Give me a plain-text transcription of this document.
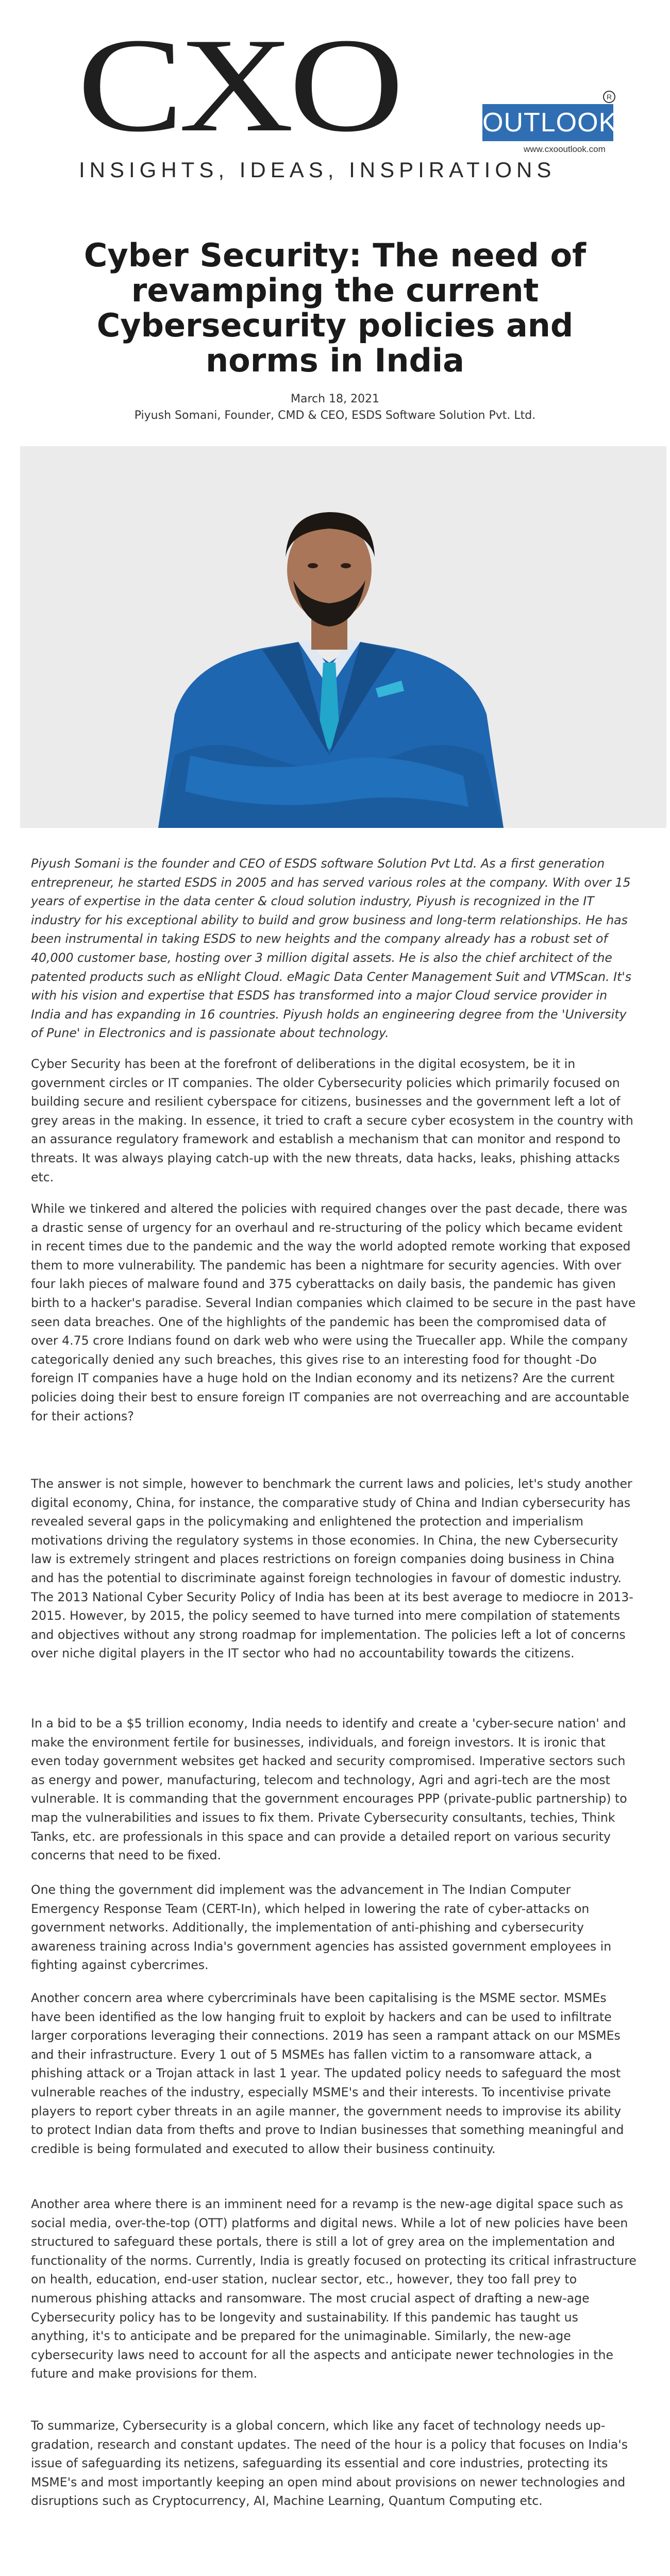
CXO	R
OUTLOOK
www.cxooutlook.com
INSIGHTS, IDEAS, INSPIRATIONS
Cyber Security: The need of revamping the current Cybersecurity policies and norms in India
March 18, 2021
Piyush Somani, Founder, CMD & CEO, ESDS Software Solution Pvt. Ltd.

Piyush Somani is the founder and CEO of ESDS software Solution Pvt Ltd. As a first generation entrepreneur, he started ESDS in 2005 and has served various roles at the company. With over 15 years of expertise in the data center & cloud solution industry, Piyush is recognized in the IT industry for his exceptional ability to build and grow business and long-term relationships. He has been instrumental in taking ESDS to new heights and the company already has a robust set of 40,000 customer base, hosting over 3 million digital assets. He is also the chief architect of the patented products such as eNlight Cloud. eMagic Data Center Management Suit and VTMScan. It's with his vision and expertise that ESDS has transformed into a major Cloud service provider in India and has expanding in 16 countries. Piyush holds an engineering degree from the 'University of Pune' in Electronics and is passionate about technology.

Cyber Security has been at the forefront of deliberations in the digital ecosystem, be it in government circles or IT companies. The older Cybersecurity policies which primarily focused on building secure and resilient cyberspace for citizens, businesses and the government left a lot of grey areas in the making. In essence, it tried to craft a secure cyber ecosystem in the country with an assurance regulatory framework and establish a mechanism that can monitor and respond to threats. It was always playing catch-up with the new threats, data hacks, leaks, phishing attacks etc.

While we tinkered and altered the policies with required changes over the past decade, there was a drastic sense of urgency for an overhaul and re-structuring of the policy which became evident in recent times due to the pandemic and the way the world adopted remote working that exposed them to more vulnerability. The pandemic has been a nightmare for security agencies. With over four lakh pieces of malware found and 375 cyberattacks on daily basis, the pandemic has given birth to a hacker's paradise. Several Indian companies which claimed to be secure in the past have seen data breaches. One of the highlights of the pandemic has been the compromised data of over 4.75 crore Indians found on dark web who were using the Truecaller app. While the company categorically denied any such breaches, this gives rise to an interesting food for thought -Do foreign IT companies have a huge hold on the Indian economy and its netizens? Are the current policies doing their best to ensure foreign IT companies are not overreaching and are accountable for their actions?

The answer is not simple, however to benchmark the current laws and policies, let's study another digital economy, China, for instance, the comparative study of China and Indian cybersecurity has revealed several gaps in the policymaking and enlightened the protection and imperialism motivations driving the regulatory systems in those economies. In China, the new Cybersecurity law is extremely stringent and places restrictions on foreign companies doing business in China and has the potential to discriminate against foreign technologies in favour of domestic industry. The 2013 National Cyber Security Policy of India has been at its best average to mediocre in 2013-2015. However, by 2015, the policy seemed to have turned into mere compilation of statements and objectives without any strong roadmap for implementation. The policies left a lot of concerns over niche digital players in the IT sector who had no accountability towards the citizens.

In a bid to be a $5 trillion economy, India needs to identify and create a 'cyber-secure nation' and make the environment fertile for businesses, individuals, and foreign investors. It is ironic that even today government websites get hacked and security compromised. Imperative sectors such as energy and power, manufacturing, telecom and technology, Agri and agri-tech are the most vulnerable. It is commanding that the government encourages PPP (private-public partnership) to map the vulnerabilities and issues to fix them. Private Cybersecurity consultants, techies, Think Tanks, etc. are professionals in this space and can provide a detailed report on various security concerns that need to be fixed.

One thing the government did implement was the advancement in The Indian Computer Emergency Response Team (CERT-In), which helped in lowering the rate of cyber-attacks on government networks. Additionally, the implementation of anti-phishing and cybersecurity awareness training across India's government agencies has assisted government employees in fighting against cybercrimes.

Another concern area where cybercriminals have been capitalising is the MSME sector. MSMEs have been identified as the low hanging fruit to exploit by hackers and can be used to infiltrate larger corporations leveraging their connections. 2019 has seen a rampant attack on our MSMEs and their infrastructure. Every 1 out of 5 MSMEs has fallen victim to a ransomware attack, a phishing attack or a Trojan attack in last 1 year. The updated policy needs to safeguard the most vulnerable reaches of the industry, especially MSME's and their interests. To incentivise private players to report cyber threats in an agile manner, the government needs to improvise its ability to protect Indian data from thefts and prove to Indian businesses that something meaningful and credible is being formulated and executed to allow their business continuity.

Another area where there is an imminent need for a revamp is the new-age digital space such as social media, over-the-top (OTT) platforms and digital news. While a lot of new policies have been structured to safeguard these portals, there is still a lot of grey area on the implementation and functionality of the norms. Currently, India is greatly focused on protecting its critical infrastructure on health, education, end-user station, nuclear sector, etc., however, they too fall prey to numerous phishing attacks and ransomware. The most crucial aspect of drafting a new-age Cybersecurity policy has to be longevity and sustainability. If this pandemic has taught us anything, it's to anticipate and be prepared for the unimaginable. Similarly, the new-age cybersecurity laws need to account for all the aspects and anticipate newer technologies in the future and make provisions for them.

To summarize, Cybersecurity is a global concern, which like any facet of technology needs up-gradation, research and constant updates. The need of the hour is a policy that focuses on India's issue of safeguarding its netizens, safeguarding its essential and core industries, protecting its MSME's and most importantly keeping an open mind about provisions on newer technologies and disruptions such as Cryptocurrency, AI, Machine Learning, Quantum Computing etc.
